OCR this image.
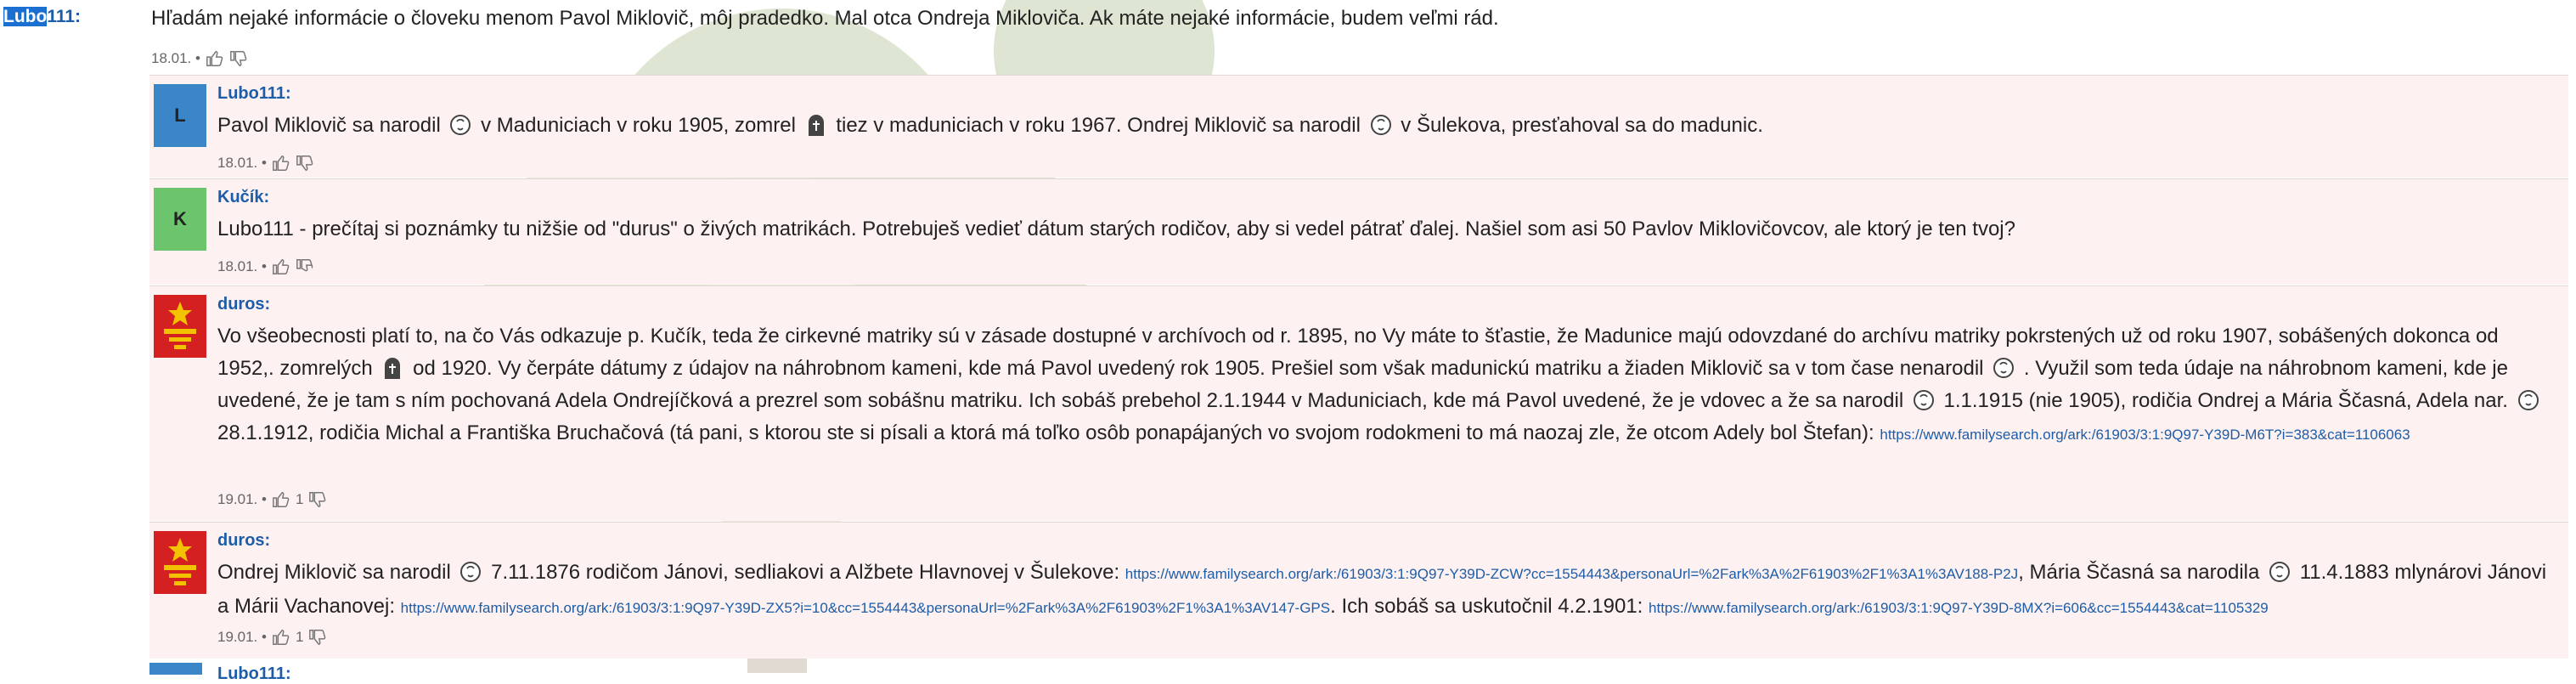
Lubo111:	Hľadám nejaké informácie o človeku menom Pavol Miklovič, môj pradedko. Mal otca Ondreja Mikloviča. Ak máte nejaké informácie, budem veľmi rád.
18.01. •
L
Lubo111:
Pavol Miklovič sa narodil v Maduniciach v roku 1905, zomrel tiez v maduniciach v roku 1967. Ondrej Miklovič sa narodil v Šulekova, presťahoval sa do madunic.
18.01. •
K
Kučík:
Lubo111 - prečítaj si poznámky tu nižšie od "durus" o živých matrikách. Potrebuješ vedieť dátum starých rodičov, aby si vedel pátrať ďalej. Našiel som asi 50 Pavlov Miklovičovcov, ale ktorý je ten tvoj?
18.01. •
duros:
Vo všeobecnosti platí to, na čo Vás odkazuje p. Kučík, teda že cirkevné matriky sú v zásade dostupné v archívoch od r. 1895, no Vy máte to šťastie, že Madunice majú odovzdané do archívu matriky pokrstených už od roku 1907, sobášených dokonca od 1952,. zomrelých od 1920. Vy čerpáte dátumy z údajov na náhrobnom kameni, kde má Pavol uvedený rok 1905. Prešiel som však madunickú matriku a žiaden Miklovič sa v tom čase nenarodil . Využil som teda údaje na náhrobnom kameni, kde je uvedené, že je tam s ním pochovaná Adela Ondrejíčková a prezrel som sobášnu matriku. Ich sobáš prebehol 2.1.1944 v Maduniciach, kde má Pavol uvedené, že je vdovec a že sa narodil 1.1.1915 (nie 1905), rodičia Ondrej a Mária Ščasná, Adela nar.
28.1.1912, rodičia Michal a Františka Bruchačová (tá pani, s ktorou ste si písali a ktorá má toľko osôb ponapájaných vo svojom rodokmeni to má naozaj zle, že otcom Adely bol Štefan): https://www.familysearch.org/ark:/61903/3:1:9Q97-Y39D-M6T?i=383&cat=1106063
19.01. • 1
duros:
Ondrej Miklovič sa narodil 7.11.1876 rodičom Jánovi, sedliakovi a Alžbete Hlavnovej v Šulekove: https://www.familysearch.org/ark:/61903/3:1:9Q97-Y39D-ZCW?cc=1554443&personaUrl=%2Fark%3A%2F61903%2F1%3A1%3AV188-P2J, Mária Ščasná sa narodila 11.4.1883 mlynárovi Jánovi a Márii Vachanovej: https://www.familysearch.org/ark:/61903/3:1:9Q97-Y39D-ZX5?i=10&cc=1554443&personaUrl=%2Fark%3A%2F61903%2F1%3A1%3AV147-GPS. Ich sobáš sa uskutočnil 4.2.1901: https://www.familysearch.org/ark:/61903/3:1:9Q97-Y39D-8MX?i=606&cc=1554443&cat=1105329
19.01. • 1
Lubo111:
